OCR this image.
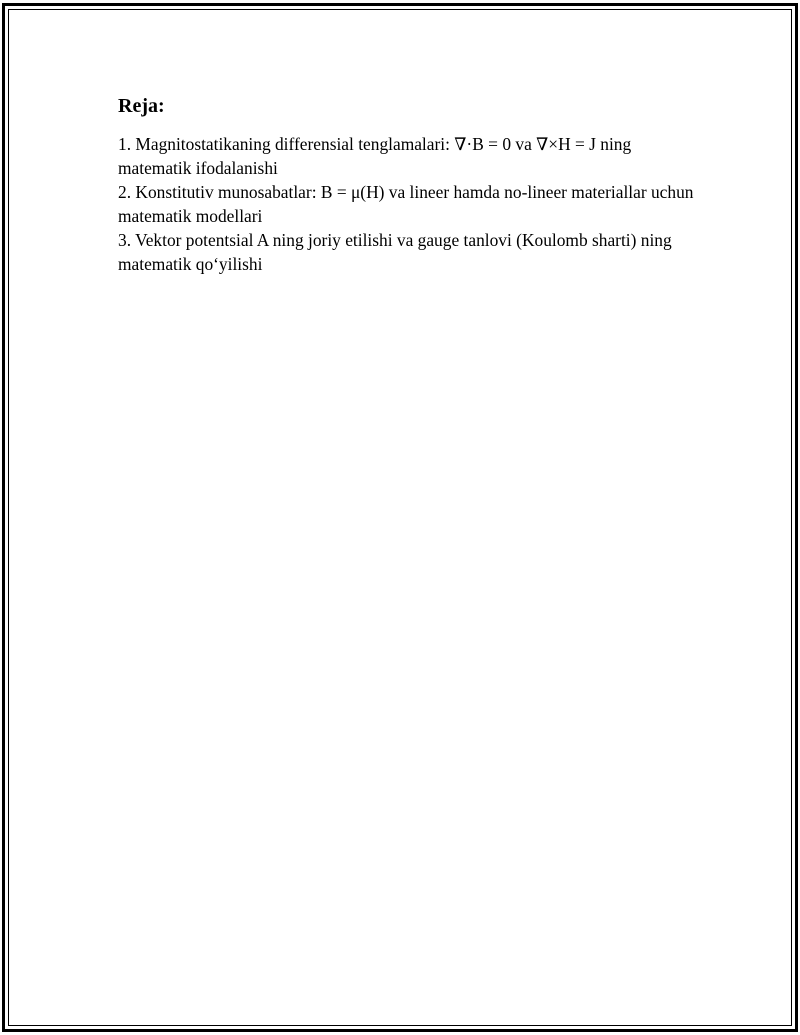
Reja:

1. Magnitostatikaning differensial tenglamalari: ∇·B = 0 va ∇×H = J ning matematik ifodalanishi

2. Konstitutiv munosabatlar: B = μ(H) va lineer hamda no-lineer materiallar uchun matematik modellari

3. Vektor potentsial A ning joriy etilishi va gauge tanlovi (Koulomb sharti) ning matematik qo‘yilishi
